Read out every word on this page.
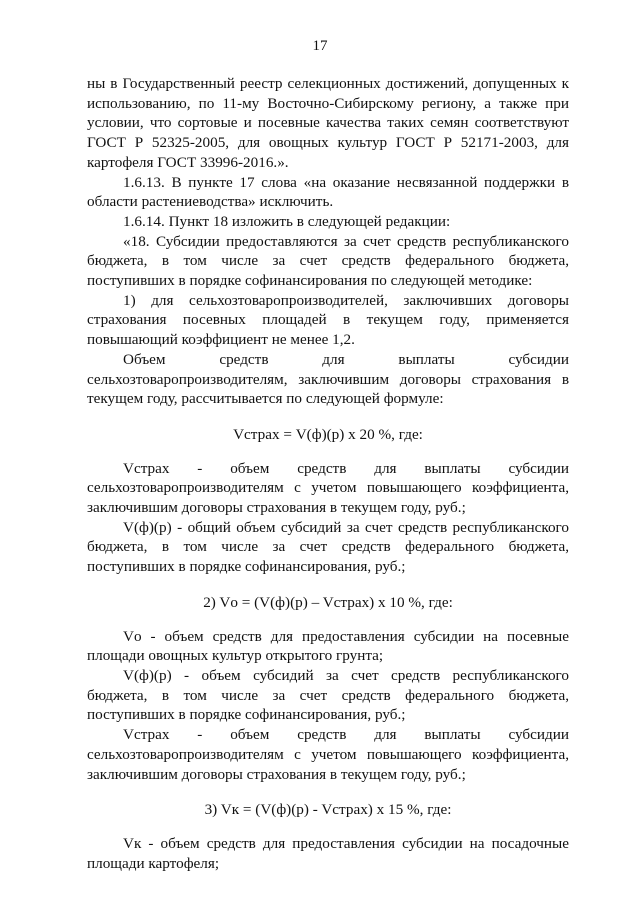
17

ны в Государственный реестр селекционных достижений, допущенных к использованию, по 11-му Восточно-Сибирскому региону, а также при условии, что сортовые и посевные качества таких семян соответствуют ГОСТ Р 52325-2005, для овощных культур ГОСТ Р 52171-2003, для картофеля ГОСТ 33996-2016.».

1.6.13. В пункте 17 слова «на оказание несвязанной поддержки в области растениеводства» исключить.

1.6.14. Пункт 18 изложить в следующей редакции:

«18. Субсидии предоставляются за счет средств республиканского бюджета, в том числе за счет средств федерального бюджета, поступивших в порядке софинансирования по следующей методике:

1) для сельхозтоваропроизводителей, заключивших договоры страхования посевных площадей в текущем году, применяется повышающий коэффициент не менее 1,2.

Объем средств для выплаты субсидии сельхозтоваропроизводителям, заключившим договоры страхования в текущем году, рассчитывается по следующей формуле:

Vстрах = V(ф)(р) х 20 %, где:

Vстрах - объем средств для выплаты субсидии сельхозтоваропроизводителям с учетом повышающего коэффициента, заключившим договоры страхования в текущем году, руб.;

V(ф)(р) - общий объем субсидий за счет средств республиканского бюджета, в том числе за счет средств федерального бюджета, поступивших в порядке софинансирования, руб.;

2) Vо = (V(ф)(р) – Vстрах) х 10 %, где:

Vо - объем средств для предоставления субсидии на посевные площади овощных культур открытого грунта;

V(ф)(р) - объем субсидий за счет средств республиканского бюджета, в том числе за счет средств федерального бюджета, поступивших в порядке софинансирования, руб.;

Vстрах - объем средств для выплаты субсидии сельхозтоваропроизводителям с учетом повышающего коэффициента, заключившим договоры страхования в текущем году, руб.;

3) Vк = (V(ф)(р) - Vстрах) х 15 %, где:

Vк - объем средств для предоставления субсидии на посадочные площади картофеля;
